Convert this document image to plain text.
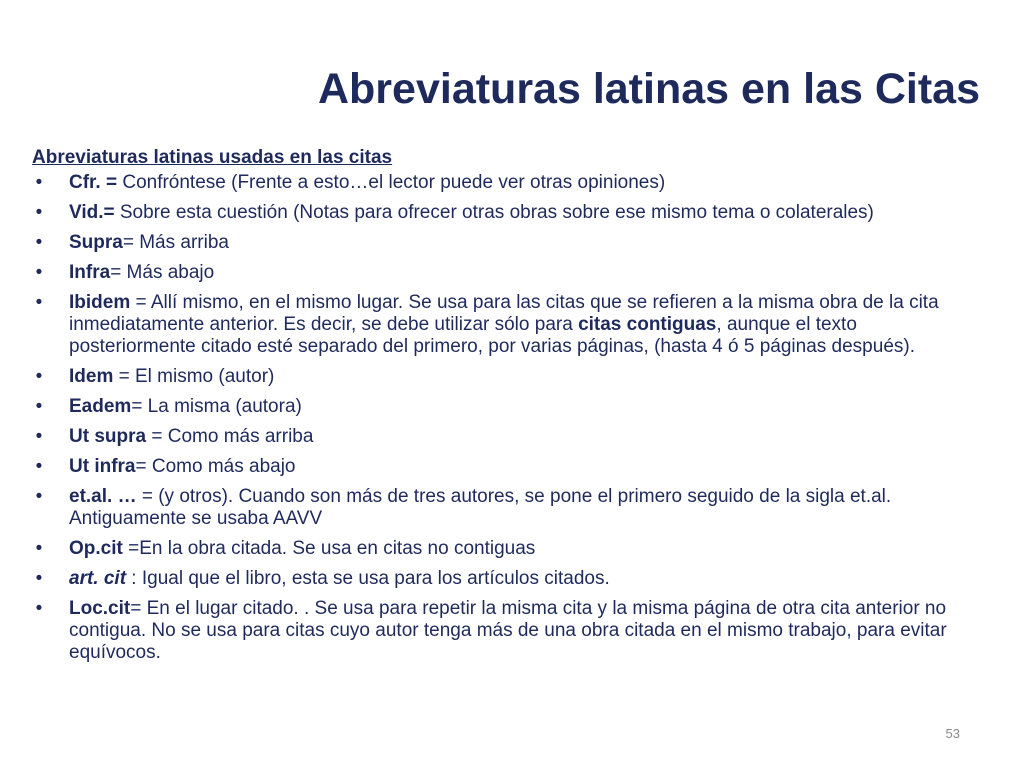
Abreviaturas latinas en las Citas
Abreviaturas latinas usadas en las citas
• Cfr. = Confróntese (Frente a esto…el lector puede ver otras opiniones)
• Vid.= Sobre esta cuestión (Notas para ofrecer otras obras sobre ese mismo tema o colaterales)
• Supra= Más arriba
• Infra= Más abajo
• Ibidem = Allí mismo, en el mismo lugar. Se usa para las citas que se refieren a la misma obra de la cita inmediatamente anterior. Es decir, se debe utilizar sólo para citas contiguas, aunque el texto posteriormente citado esté separado del primero, por varias páginas, (hasta 4 ó 5 páginas después).
• Idem = El mismo (autor)
• Eadem= La misma (autora)
• Ut supra = Como más arriba
• Ut infra= Como más abajo
• et.al. … = (y otros). Cuando son más de tres autores, se pone el primero seguido de la sigla et.al. Antiguamente se usaba AAVV
• Op.cit =En la obra citada. Se usa en citas no contiguas
• art. cit : Igual que el libro, esta se usa para los artículos citados.
• Loc.cit= En el lugar citado. . Se usa para repetir la misma cita y la misma página de otra cita anterior no contigua. No se usa para citas cuyo autor tenga más de una obra citada en el mismo trabajo, para evitar equívocos.
53
